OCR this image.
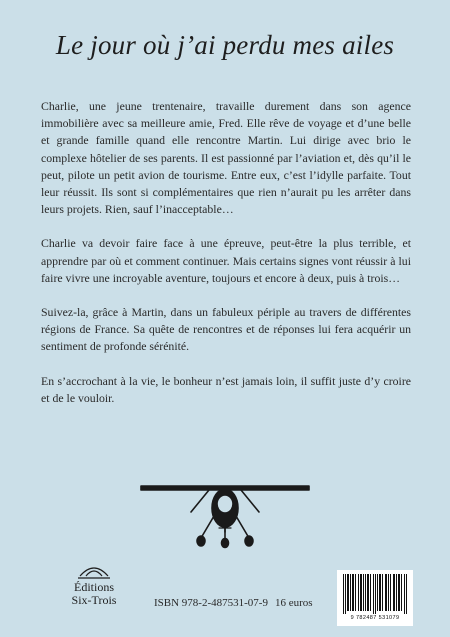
Le jour où j’ai perdu mes ailes

Charlie, une jeune trentenaire, travaille durement dans son agence immobilière avec sa meilleure amie, Fred. Elle rêve de voyage et d’une belle et grande famille quand elle rencontre Martin. Lui dirige avec brio le complexe hôtelier de ses parents. Il est passionné par l’aviation et, dès qu’il le peut, pilote un petit avion de tourisme. Entre eux, c’est l’idylle parfaite. Tout leur réussit. Ils sont si complémentaires que rien n’aurait pu les arrêter dans leurs projets. Rien, sauf l’inacceptable…

Charlie va devoir faire face à une épreuve, peut-être la plus terrible, et apprendre par où et comment continuer. Mais certains signes vont réussir à lui faire vivre une incroyable aventure, toujours et encore à deux, puis à trois…

Suivez-la, grâce à Martin, dans un fabuleux périple au travers de différentes régions de France. Sa quête de rencontres et de réponses lui fera acquérir un sentiment de profonde sérénité.

En s’accrochant à la vie, le bonheur n’est jamais loin, il suffit juste d’y croire et de le vouloir.

Éditions
Six-Trois	ISBN 978-2-487531-07-9 16 euros
9 782487 531079
